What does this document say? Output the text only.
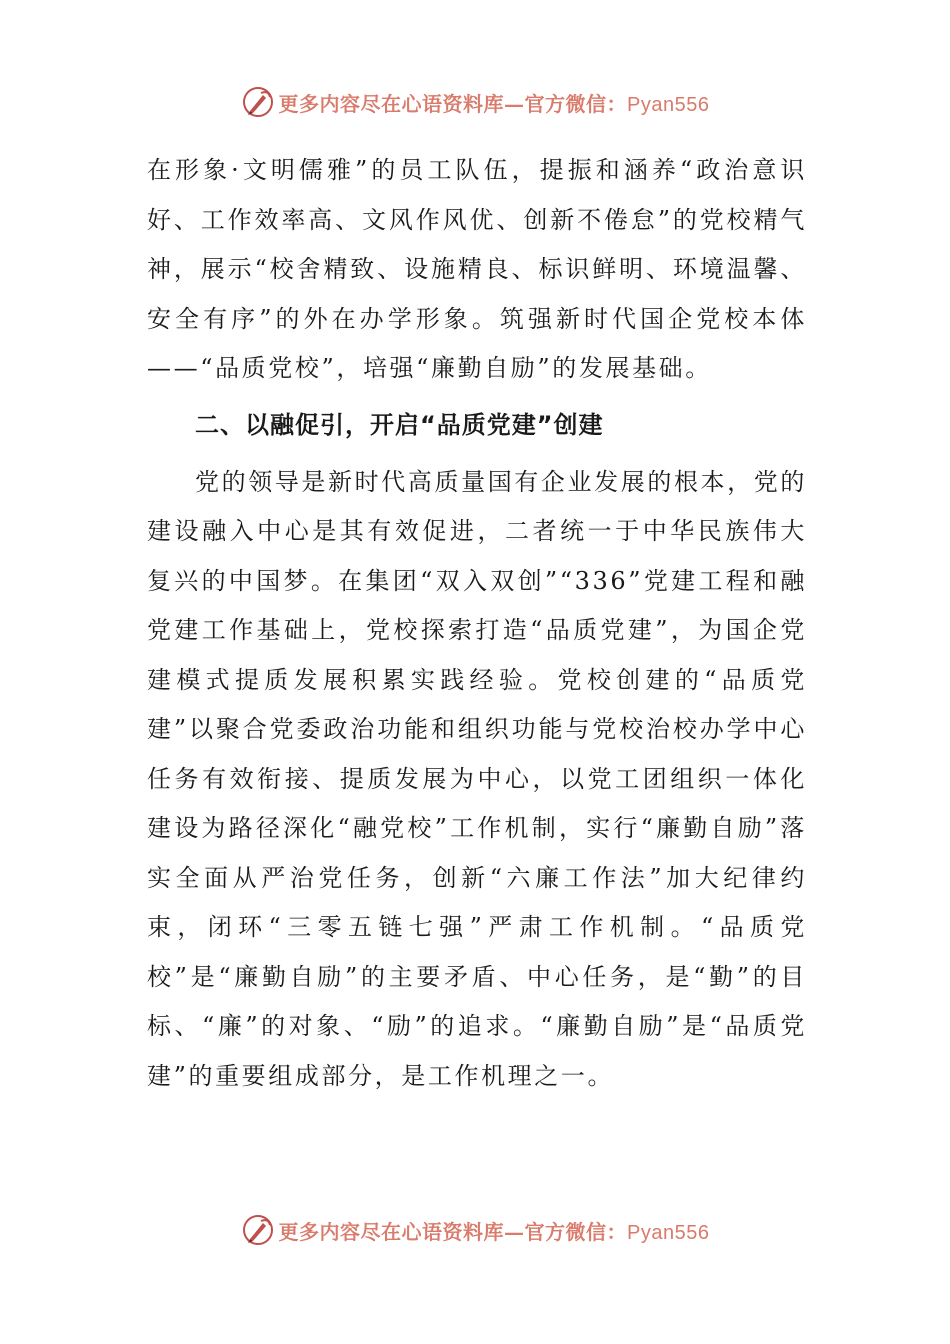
更多内容尽在心语资料库—官方微信：Pyan556

在形象·文明儒雅”的员工队伍，提振和涵养“政治意识好、工作效率高、文风作风优、创新不倦怠”的党校精气神，展示“校舍精致、设施精良、标识鲜明、环境温馨、安全有序”的外在办学形象。筑强新时代国企党校本体——“品质党校”，培强“廉勤自励”的发展基础。

二、以融促引，开启“品质党建”创建

党的领导是新时代高质量国有企业发展的根本，党的建设融入中心是其有效促进，二者统一于中华民族伟大复兴的中国梦。在集团“双入双创”“336”党建工程和融党建工作基础上，党校探索打造“品质党建”，为国企党建模式提质发展积累实践经验。党校创建的“品质党建”以聚合党委政治功能和组织功能与党校治校办学中心任务有效衔接、提质发展为中心，以党工团组织一体化建设为路径深化“融党校”工作机制，实行“廉勤自励”落实全面从严治党任务，创新“六廉工作法”加大纪律约束，闭环“三零五链七强”严肃工作机制。“品质党校”是“廉勤自励”的主要矛盾、中心任务，是“勤”的目标、“廉”的对象、“励”的追求。“廉勤自励”是“品质党建”的重要组成部分，是工作机理之一。

更多内容尽在心语资料库—官方微信：Pyan556
